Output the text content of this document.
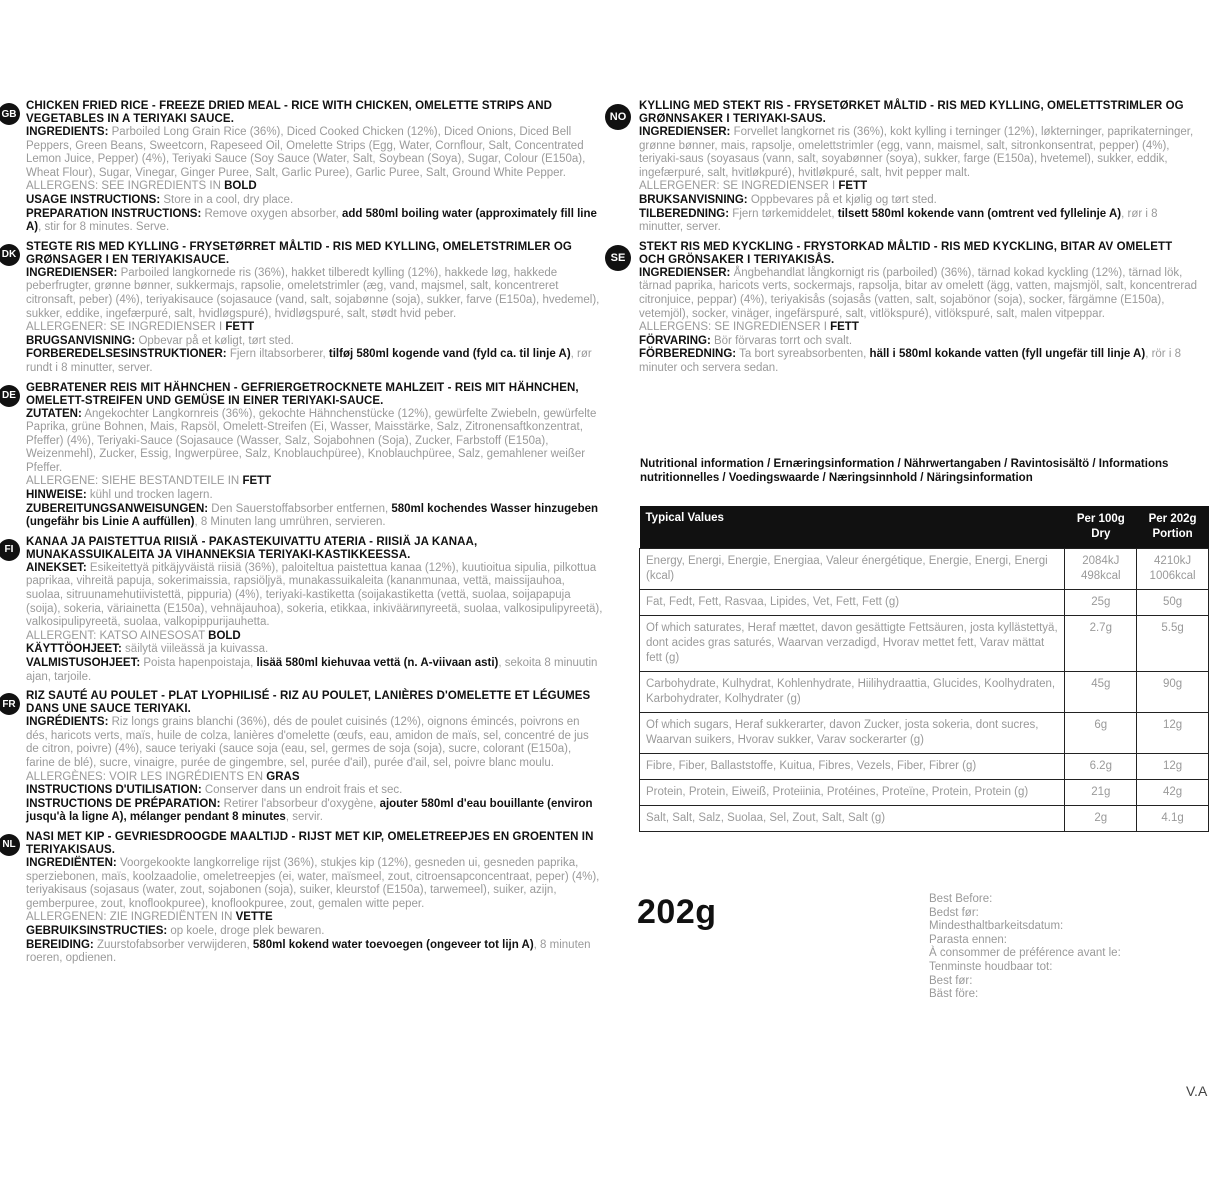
GB
CHICKEN FRIED RICE - FREEZE DRIED MEAL - RICE WITH CHICKEN, OMELETTE STRIPS AND VEGETABLES IN A TERIYAKI SAUCE.
INGREDIENTS: Parboiled Long Grain Rice (36%), Diced Cooked Chicken (12%), Diced Onions, Diced Bell Peppers, Green Beans, Sweetcorn, Rapeseed Oil, Omelette Strips (Egg, Water, Cornflour, Salt, Concentrated Lemon Juice, Pepper) (4%), Teriyaki Sauce (Soy Sauce (Water, Salt, Soybean (Soya), Sugar, Colour (E150a), Wheat Flour), Sugar, Vinegar, Ginger Puree, Salt, Garlic Puree), Garlic Puree, Salt, Ground White Pepper.
ALLERGENS: SEE INGREDIENTS IN BOLD
USAGE INSTRUCTIONS: Store in a cool, dry place.
PREPARATION INSTRUCTIONS: Remove oxygen absorber, add 580ml boiling water (approximately fill line A), stir for 8 minutes. Serve.
DK
STEGTE RIS MED KYLLING - FRYSETØRRET MÅLTID - RIS MED KYLLING, OMELETSTRIMLER OG GRØNSAGER I EN TERIYAKISAUCE.
INGREDIENSER: Parboiled langkornede ris (36%), hakket tilberedt kylling (12%), hakkede løg, hakkede peberfrugter, grønne bønner, sukkermajs, rapsolie, omeletstrimler (æg, vand, majsmel, salt, koncentreret citronsaft, peber) (4%), teriyakisauce (sojasauce (vand, salt, sojabønne (soja), sukker, farve (E150a), hvedemel), sukker, eddike, ingefærpuré, salt, hvidløgspuré), hvidløgspuré, salt, stødt hvid peber.
ALLERGENER: SE INGREDIENSER I FETT
BRUGSANVISNING: Opbevar på et køligt, tørt sted.
FORBEREDELSESINSTRUKTIONER: Fjern iltabsorberer, tilføj 580ml kogende vand (fyld ca. til linje A), rør rundt i 8 minutter, server.
DE
GEBRATENER REIS MIT HÄHNCHEN - GEFRIERGETROCKNETE MAHLZEIT - REIS MIT HÄHNCHEN, OMELETT-STREIFEN UND GEMÜSE IN EINER TERIYAKI-SAUCE.
ZUTATEN: Angekochter Langkornreis (36%), gekochte Hähnchenstücke (12%), gewürfelte Zwiebeln, gewürfelte Paprika, grüne Bohnen, Mais, Rapsöl, Omelett-Streifen (Ei, Wasser, Maisstärke, Salz, Zitronensaftkonzentrat, Pfeffer) (4%), Teriyaki-Sauce (Sojasauce (Wasser, Salz, Sojabohnen (Soja), Zucker, Farbstoff (E150a), Weizenmehl), Zucker, Essig, Ingwerpüree, Salz, Knoblauchpüree), Knoblauchpüree, Salz, gemahlener weißer Pfeffer.
ALLERGENE: SIEHE BESTANDTEILE IN FETT
HINWEISE: kühl und trocken lagern.
ZUBEREITUNGSANWEISUNGEN: Den Sauerstoffabsorber entfernen, 580ml kochendes Wasser hinzugeben (ungefähr bis Linie A auffüllen), 8 Minuten lang umrühren, servieren.
FI
KANAA JA PAISTETTUA RIISIÄ - PAKASTEKUIVATTU ATERIA - RIISIÄ JA KANAA, MUNAKASSUIKALEITA JA VIHANNEKSIA TERIYAKI-KASTIKKEESSA.
AINEKSET: Esikeitettyä pitkäjyväistä riisiä (36%), paloiteltua paistettua kanaa (12%), kuutioitua sipulia, pilkottua paprikaa, vihreitä papuja, sokerimaissia, rapsiöljyä, munakassuikaleita (kananmunaa, vettä, maissijauhoa, suolaa, sitruunamehutiivistettä, pippuria) (4%), teriyaki-kastiketta (soijakastiketta (vettä, suolaa, soijapapuja (soija), sokeria, väriainetta (E150a), vehnäjauhoa), sokeria, etikkaa, inkiväärипyreetä, suolaa, valkosipulipyreetä), valkosipulipyreetä, suolaa, valkopippurijauhetta.
ALLERGENT: KATSO AINESOSAT BOLD
KÄYTTÖOHJEET: säilytä viileässä ja kuivassa.
VALMISTUSOHJEET: Poista hapenpoistaja, lisää 580ml kiehuvaa vettä (n. A-viivaan asti), sekoita 8 minuutin ajan, tarjoile.
FR
RIZ SAUTÉ AU POULET - PLAT LYOPHILISÉ - RIZ AU POULET, LANIÈRES D'OMELETTE ET LÉGUMES DANS UNE SAUCE TERIYAKI.
INGRÉDIENTS: Riz longs grains blanchi (36%), dés de poulet cuisinés (12%), oignons émincés, poivrons en dés, haricots verts, maïs, huile de colza, lanières d'omelette (œufs, eau, amidon de maïs, sel, concentré de jus de citron, poivre) (4%), sauce teriyaki (sauce soja (eau, sel, germes de soja (soja), sucre, colorant (E150a), farine de blé), sucre, vinaigre, purée de gingembre, sel, purée d'ail), purée d'ail, sel, poivre blanc moulu.
ALLERGÈNES: VOIR LES INGRÉDIENTS EN GRAS
INSTRUCTIONS D'UTILISATION: Conserver dans un endroit frais et sec.
INSTRUCTIONS DE PRÉPARATION: Retirer l'absorbeur d'oxygène, ajouter 580ml d'eau bouillante (environ jusqu'à la ligne A), mélanger pendant 8 minutes, servir.
NL
NASI MET KIP - GEVRIESDROOGDE MAALTIJD - RIJST MET KIP, OMELETREEPJES EN GROENTEN IN TERIYAKISAUS.
INGREDIËNTEN: Voorgekookte langkorrelige rijst (36%), stukjes kip (12%), gesneden ui, gesneden paprika, sperziebonen, maïs, koolzaadolie, omeletreepjes (ei, water, maïsmeel, zout, citroensapconcentraat, peper) (4%), teriyakisaus (sojasaus (water, zout, sojabonen (soja), suiker, kleurstof (E150a), tarwemeel), suiker, azijn, gemberpuree, zout, knoflookpuree), knoflookpuree, zout, gemalen witte peper.
ALLERGENEN: ZIE INGREDIËNTEN IN VETTE
GEBRUIKSINSTRUCTIES: op koele, droge plek bewaren.
BEREIDING: Zuurstofabsorber verwijderen, 580ml kokend water toevoegen (ongeveer tot lijn A), 8 minuten roeren, opdienen.
NO
KYLLING MED STEKT RIS - FRYSETØRKET MÅLTID - RIS MED KYLLING, OMELETTSTRIMLER OG GRØNNSAKER I TERIYAKI-SAUS.
INGREDIENSER: Forvellet langkornet ris (36%), kokt kylling i terninger (12%), løkterninger, paprikaterninger, grønne bønner, mais, rapsolje, omelettstrimler (egg, vann, maismel, salt, sitronkonsentrat, pepper) (4%), teriyaki-saus (soyasaus (vann, salt, soyabønner (soya), sukker, farge (E150a), hvetemel), sukker, eddik, ingefærpuré, salt, hvitløkpuré), hvitløkpuré, salt, hvit pepper malt.
ALLERGENER: SE INGREDIENSER I FETT
BRUKSANVISNING: Oppbevares på et kjølig og tørt sted.
TILBEREDNING: Fjern tørkemiddelet, tilsett 580ml kokende vann (omtrent ved fyllelinje A), rør i 8 minutter, server.
SE
STEKT RIS MED KYCKLING - FRYSTORKAD MÅLTID - RIS MED KYCKLING, BITAR AV OMELETT OCH GRÖNSAKER I TERIYAKISÅS.
INGREDIENSER: Ångbehandlat långkornigt ris (parboiled) (36%), tärnad kokad kyckling (12%), tärnad lök, tärnad paprika, haricots verts, sockermajs, rapsolja, bitar av omelett (ägg, vatten, majsmjöl, salt, koncentrerad citronjuice, peppar) (4%), teriyakisås (sojasås (vatten, salt, sojabönor (soja), socker, färgämne (E150a), vetemjöl), socker, vinäger, ingefärspuré, salt, vitlökspuré), vitlökspuré, salt, malen vitpeppar.
ALLERGENS: SE INGREDIENSER I FETT
FÖRVARING: Bör förvaras torrt och svalt.
FÖRBEREDNING: Ta bort syreabsorbenten, häll i 580ml kokande vatten (fyll ungefär till linje A), rör i 8 minuter och servera sedan.
Nutritional information / Ernæringsinformation / Nährwertangaben / Ravintosisältö / Informations nutritionnelles / Voedingswaarde / Næringsinnhold / Näringsinformation
Typical Values	Per 100g Dry	Per 202g Portion
Energy, Energi, Energie, Energiaa, Valeur énergétique, Energie, Energi, Energi (kcal)	2084kJ 498kcal	4210kJ 1006kcal
Fat, Fedt, Fett, Rasvaa, Lipides, Vet, Fett, Fett (g)	25g	50g
Of which saturates, Heraf mættet, davon gesättigte Fettsäuren, josta kyllästettyä, dont acides gras saturés, Waarvan verzadigd, Hvorav mettet fett, Varav mättat fett (g)	2.7g	5.5g
Carbohydrate, Kulhydrat, Kohlenhydrate, Hiilihydraattia, Glucides, Koolhydraten, Karbohydrater, Kolhydrater (g)	45g	90g
Of which sugars, Heraf sukkerarter, davon Zucker, josta sokeria, dont sucres, Waarvan suikers, Hvorav sukker, Varav sockerarter (g)	6g	12g
Fibre, Fiber, Ballaststoffe, Kuitua, Fibres, Vezels, Fiber, Fibrer (g)	6.2g	12g
Protein, Protein, Eiweiß, Proteiinia, Protéines, Proteïne, Protein, Protein (g)	21g	42g
Salt, Salt, Salz, Suolaa, Sel, Zout, Salt, Salt (g)	2g	4.1g
202g	Best Before:
Bedst før:
Mindesthaltbarkeitsdatum:
Parasta ennen:
À consommer de préférence avant le:
Tenminste houdbaar tot:
Best før:
Bäst före:
V.A
